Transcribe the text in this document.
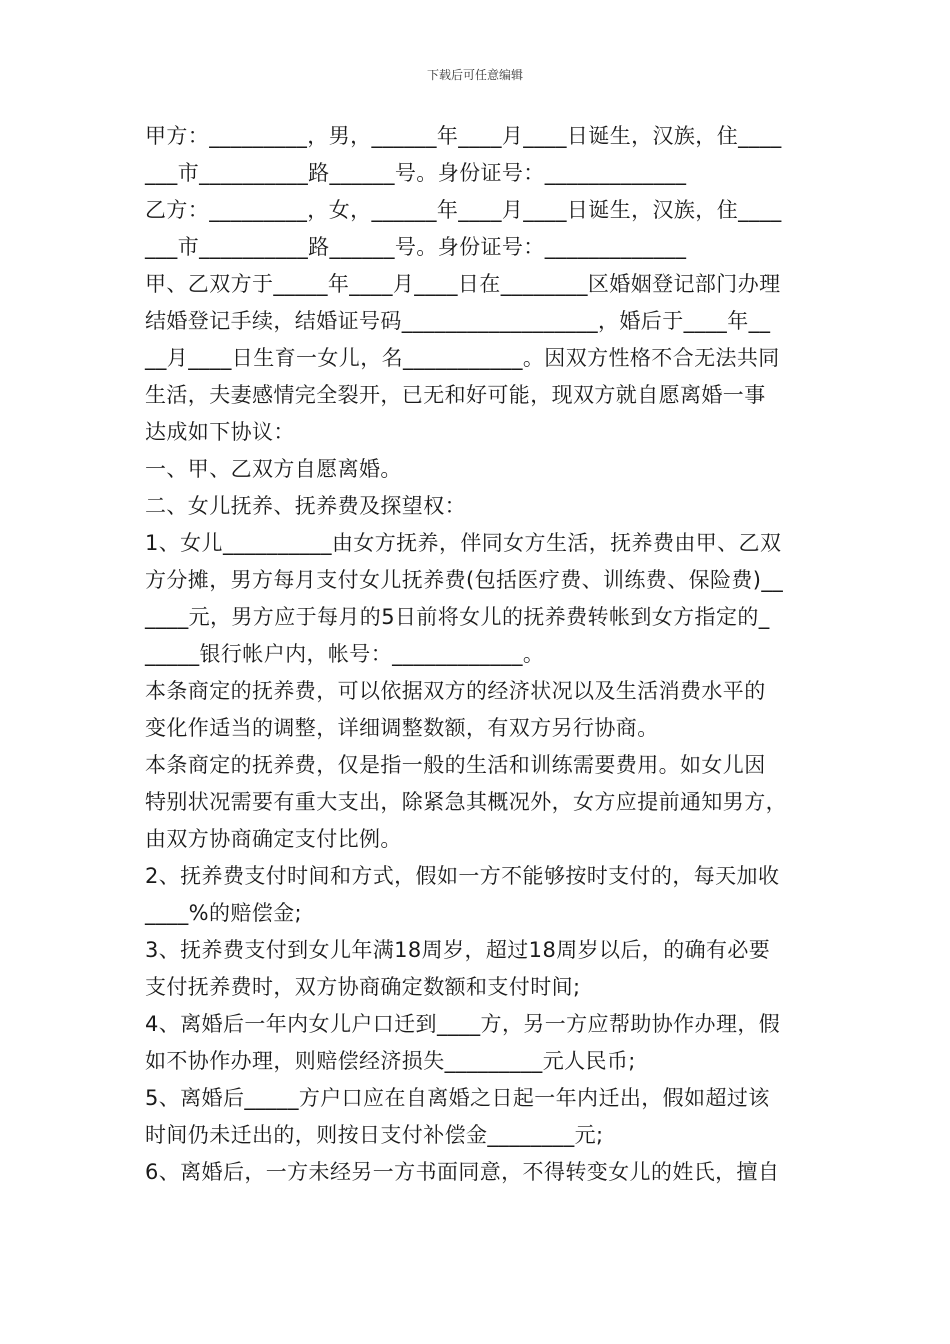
下载后可任意编辑
甲方：_________，男，______年____月____日诞生，汉族，住____
___市__________路______号。身份证号：_____________
乙方：_________，女，______年____月____日诞生，汉族，住____
___市__________路______号。身份证号：_____________
甲、乙双方于_____年____月____日在________区婚姻登记部门办理
结婚登记手续，结婚证号码__________________，婚后于____年__
__月____日生育一女儿，名___________。因双方性格不合无法共同
生活，夫妻感情完全裂开，已无和好可能，现双方就自愿离婚一事
达成如下协议：
一、甲、乙双方自愿离婚。
二、女儿抚养、抚养费及探望权：
1、女儿__________由女方抚养，伴同女方生活，抚养费由甲、乙双
方分摊，男方每月支付女儿抚养费(包括医疗费、训练费、保险费)__
____元，男方应于每月的5日前将女儿的抚养费转帐到女方指定的_
_____银行帐户内，帐号：____________。
本条商定的抚养费，可以依据双方的经济状况以及生活消费水平的
变化作适当的调整，详细调整数额，有双方另行协商。
本条商定的抚养费，仅是指一般的生活和训练需要费用。如女儿因
特别状况需要有重大支出，除紧急其概况外，女方应提前通知男方，
由双方协商确定支付比例。
2、抚养费支付时间和方式，假如一方不能够按时支付的，每天加收
____%的赔偿金;
3、抚养费支付到女儿年满18周岁，超过18周岁以后，的确有必要
支付抚养费时，双方协商确定数额和支付时间;
4、离婚后一年内女儿户口迁到____方，另一方应帮助协作办理，假
如不协作办理，则赔偿经济损失_________元人民币;
5、离婚后_____方户口应在自离婚之日起一年内迁出，假如超过该
时间仍未迁出的，则按日支付补偿金________元;
6、离婚后，一方未经另一方书面同意，不得转变女儿的姓氏，擅自
